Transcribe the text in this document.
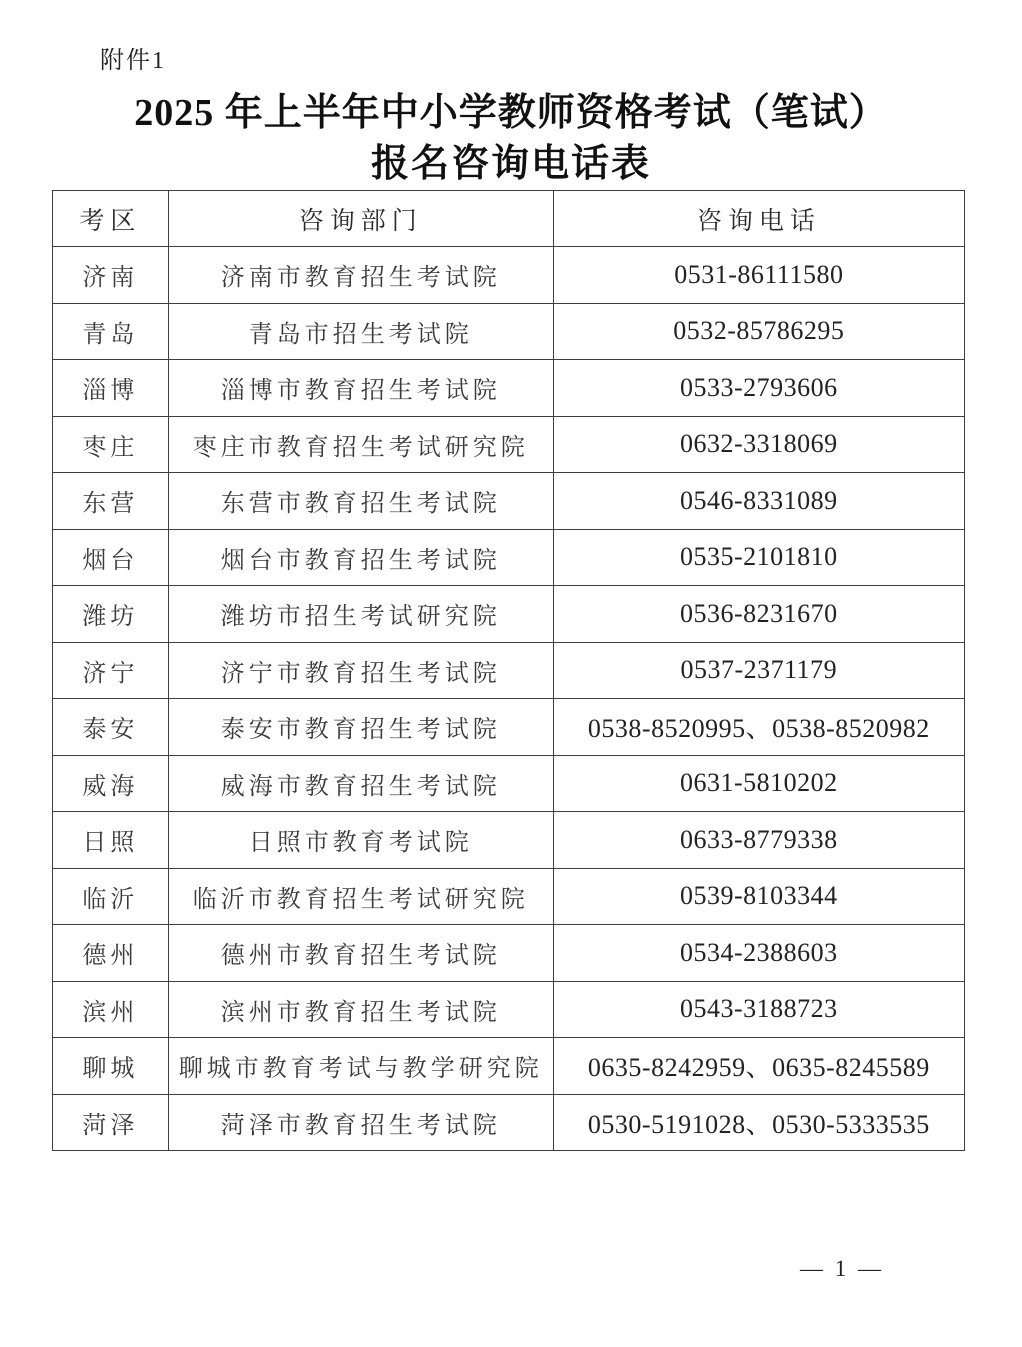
附件1
2025 年上半年中小学教师资格考试（笔试）
报名咨询电话表
考区	咨询部门	咨询电话
济南	济南市教育招生考试院	0531-86111580
青岛	青岛市招生考试院	0532-85786295
淄博	淄博市教育招生考试院	0533-2793606
枣庄	枣庄市教育招生考试研究院	0632-3318069
东营	东营市教育招生考试院	0546-8331089
烟台	烟台市教育招生考试院	0535-2101810
潍坊	潍坊市招生考试研究院	0536-8231670
济宁	济宁市教育招生考试院	0537-2371179
泰安	泰安市教育招生考试院	0538-8520995、0538-8520982
威海	威海市教育招生考试院	0631-5810202
日照	日照市教育考试院	0633-8779338
临沂	临沂市教育招生考试研究院	0539-8103344
德州	德州市教育招生考试院	0534-2388603
滨州	滨州市教育招生考试院	0543-3188723
聊城	聊城市教育考试与教学研究院	0635-8242959、0635-8245589
菏泽	菏泽市教育招生考试院	0530-5191028、0530-5333535
— 1 —
